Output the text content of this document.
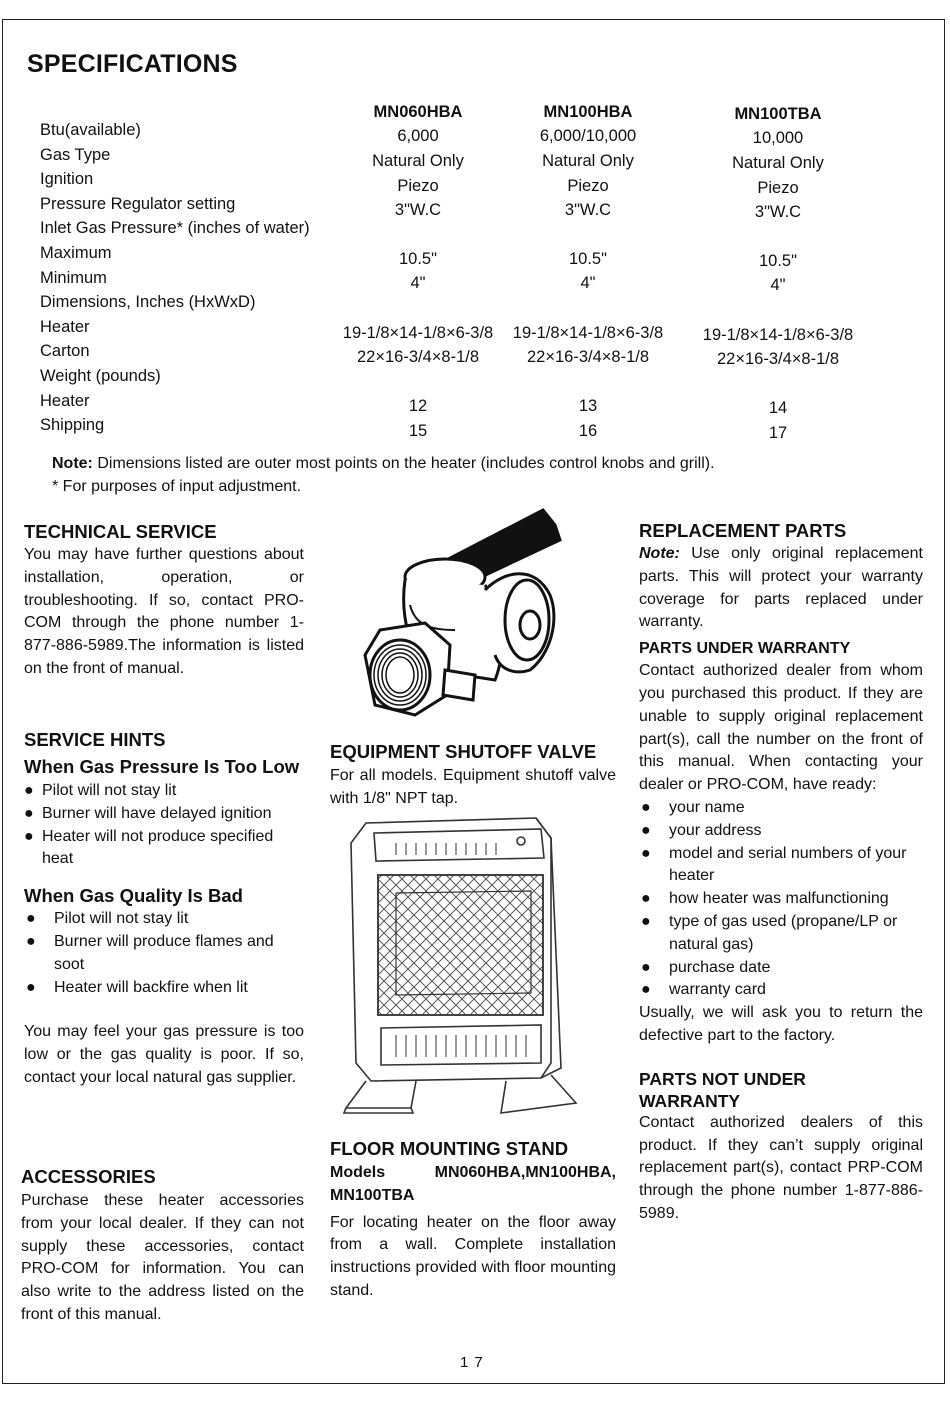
SPECIFICATIONS
Btu(available)
Gas Type
Ignition
Pressure Regulator setting
Inlet Gas Pressure* (inches of water)
Maximum
Minimum
Dimensions, Inches (HxWxD)
Heater
Carton
Weight (pounds)
Heater
Shipping
MN060HBA
6,000
Natural Only
Piezo
3"W.C
10.5"
4"
19-1/8×14-1/8×6-3/8
22×16-3/4×8-1/8
12
15
MN100HBA
6,000/10,000
Natural Only
Piezo
3"W.C
10.5"
4"
19-1/8×14-1/8×6-3/8
22×16-3/4×8-1/8
13
16
MN100TBA
10,000
Natural Only
Piezo
3"W.C
10.5"
4"
19-1/8×14-1/8×6-3/8
22×16-3/4×8-1/8
14
17
Note: Dimensions listed are outer most points on the heater (includes control knobs and grill).
* For purposes of input adjustment.
TECHNICAL SERVICE

You may have further questions about installation, operation, or troubleshooting. If so, contact PRO-COM through the phone number 1-877-886-5989.The information is listed on the front of manual.

SERVICE HINTS
When Gas Pressure Is Too Low
● Pilot will not stay lit
● Burner will have delayed ignition
● Heater will not produce specified heat
When Gas Quality Is Bad
● Pilot will not stay lit
● Burner will produce flames and soot
● Heater will backfire when lit

You may feel your gas pressure is too low or the gas quality is poor. If so, contact your local natural gas supplier.

ACCESSORIES

Purchase these heater accessories from your local dealer. If they can not supply these accessories, contact PRO-COM for information. You can also write to the address listed on the front of this manual.

EQUIPMENT SHUTOFF VALVE

For all models. Equipment shutoff valve with 1/8" NPT tap.

FLOOR MOUNTING STAND

Models MN060HBA,MN100HBA, MN100TBA

For locating heater on the floor away from a wall. Complete installation instructions provided with floor mounting stand.

REPLACEMENT PARTS

Note: Use only original replacement parts. This will protect your warranty coverage for parts replaced under warranty.

PARTS UNDER WARRANTY

Contact authorized dealer from whom you purchased this product. If they are unable to supply original replacement part(s), call the number on the front of this manual. When contacting your dealer or PRO-COM, have ready:

● your name
● your address
● model and serial numbers of your heater
● how heater was malfunctioning
● type of gas used (propane/LP or natural gas)
● purchase date
● warranty card

Usually, we will ask you to return the defective part to the factory.

PARTS NOT UNDER
WARRANTY

Contact authorized dealers of this product. If they can’t supply original replacement part(s), contact PRP-COM through the phone number 1-877-886-5989.

17
